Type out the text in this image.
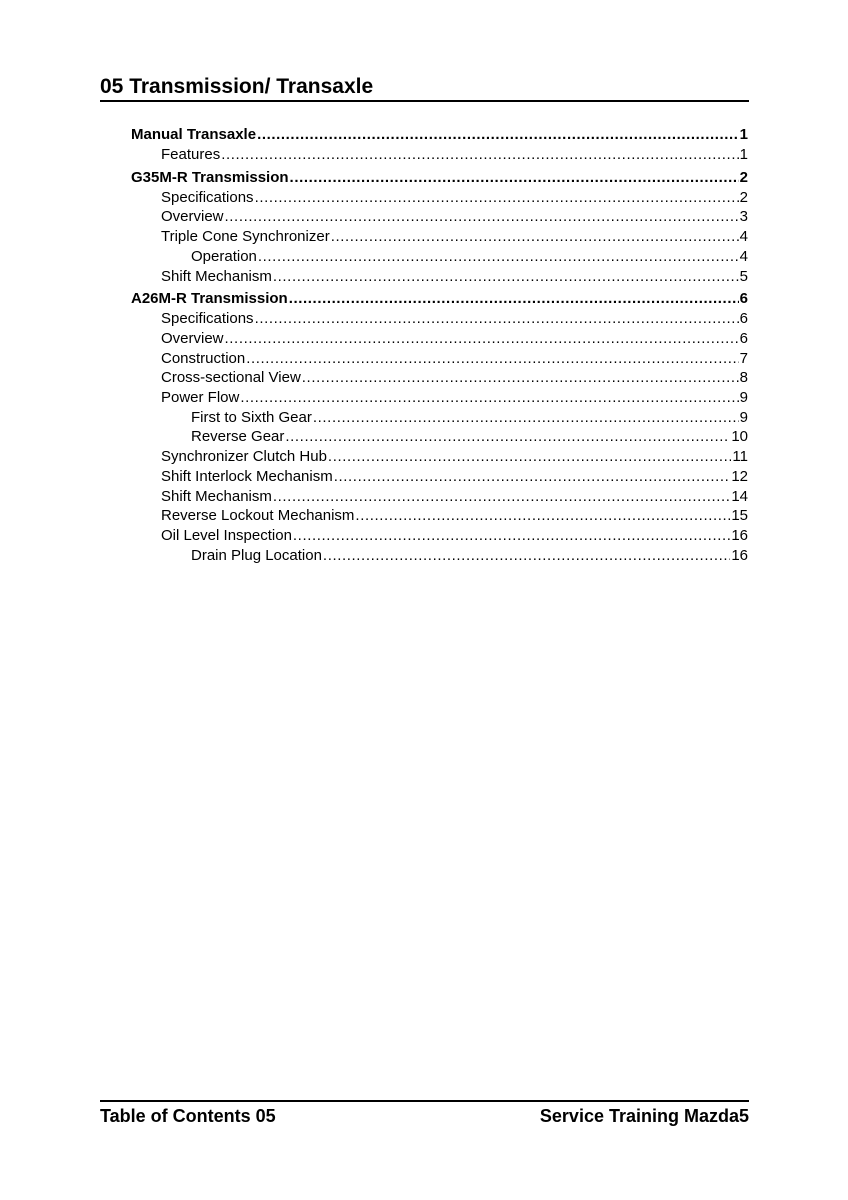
05 Transmission/ Transaxle
Manual Transaxle .....	1
Features .....	1
G35M-R Transmission .....	2
Specifications .....	2
Overview .....	3
Triple Cone Synchronizer .....	4
Operation .....	4
Shift Mechanism .....	5
A26M-R Transmission .....	6
Specifications .....	6
Overview .....	6
Construction .....	7
Cross-sectional View .....	8
Power Flow .....	9
First to Sixth Gear .....	9
Reverse Gear .....	10
Synchronizer Clutch Hub .....	11
Shift Interlock Mechanism .....	12
Shift Mechanism .....	14
Reverse Lockout Mechanism .....	15
Oil Level Inspection .....	16
Drain Plug Location .....	16
Table of Contents 05	Service Training Mazda5
